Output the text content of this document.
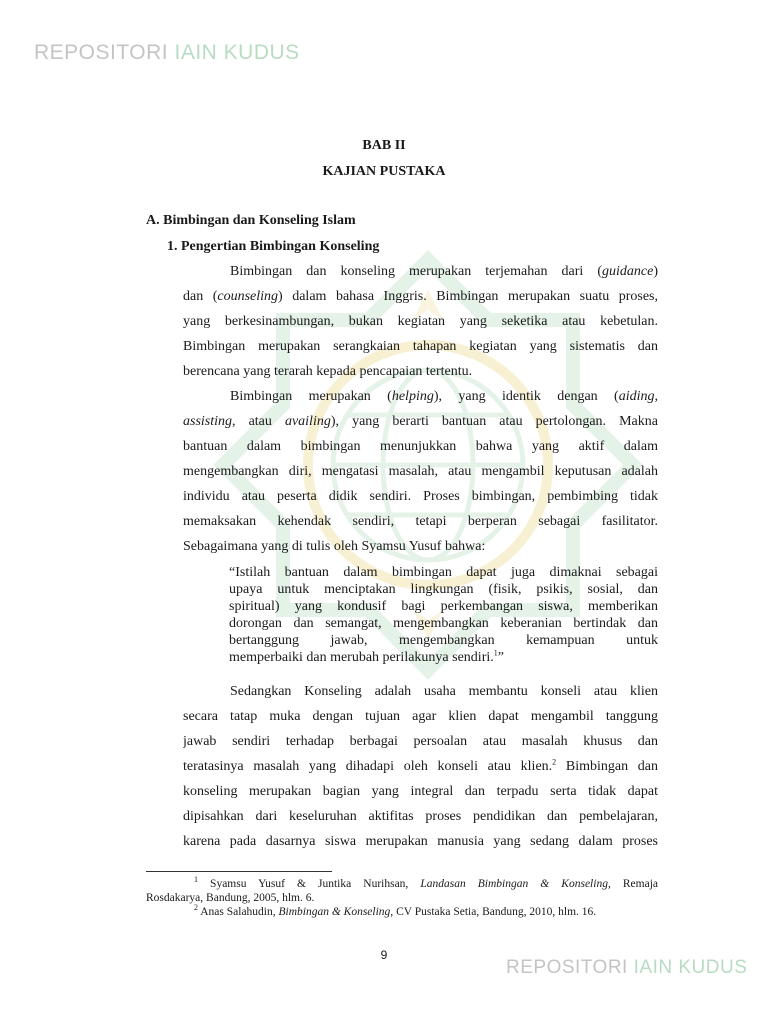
REPOSITORI IAIN KUDUS
BAB II
KAJIAN PUSTAKA
A. Bimbingan dan Konseling Islam
1. Pengertian Bimbingan Konseling
Bimbingan dan konseling merupakan terjemahan dari (guidance)
dan (counseling) dalam bahasa Inggris. Bimbingan merupakan suatu proses,
yang berkesinambungan, bukan kegiatan yang seketika atau kebetulan.
Bimbingan merupakan serangkaian tahapan kegiatan yang sistematis dan
berencana yang terarah kepada pencapaian tertentu.
Bimbingan merupakan (helping), yang identik dengan (aiding,
assisting, atau availing), yang berarti bantuan atau pertolongan. Makna
bantuan dalam bimbingan menunjukkan bahwa yang aktif dalam
mengembangkan diri, mengatasi masalah, atau mengambil keputusan adalah
individu atau peserta didik sendiri. Proses bimbingan, pembimbing tidak
memaksakan kehendak sendiri, tetapi berperan sebagai fasilitator.
Sebagaimana yang di tulis oleh Syamsu Yusuf bahwa:
“Istilah bantuan dalam bimbingan dapat juga dimaknai sebagai
upaya untuk menciptakan lingkungan (fisik, psikis, sosial, dan
spiritual) yang kondusif bagi perkembangan siswa, memberikan
dorongan dan semangat, mengembangkan keberanian bertindak dan
bertanggung jawab, mengembangkan kemampuan untuk
memperbaiki dan merubah perilakunya sendiri.$^1$”
Sedangkan Konseling adalah usaha membantu konseli atau klien
secara tatap muka dengan tujuan agar klien dapat mengambil tanggung
jawab sendiri terhadap berbagai persoalan atau masalah khusus dan
teratasinya masalah yang dihadapi oleh konseli atau klien.$^2$ Bimbingan dan
konseling merupakan bagian yang integral dan terpadu serta tidak dapat
dipisahkan dari keseluruhan aktifitas proses pendidikan dan pembelajaran,
karena pada dasarnya siswa merupakan manusia yang sedang dalam proses
$^1$ Syamsu Yusuf & Juntika Nurihsan, Landasan Bimbingan & Konseling, Remaja
Rosdakarya, Bandung, 2005, hlm. 6.
$^2$ Anas Salahudin, Bimbingan & Konseling, CV Pustaka Setia, Bandung, 2010, hlm. 16.
9
REPOSITORI IAIN KUDUS
